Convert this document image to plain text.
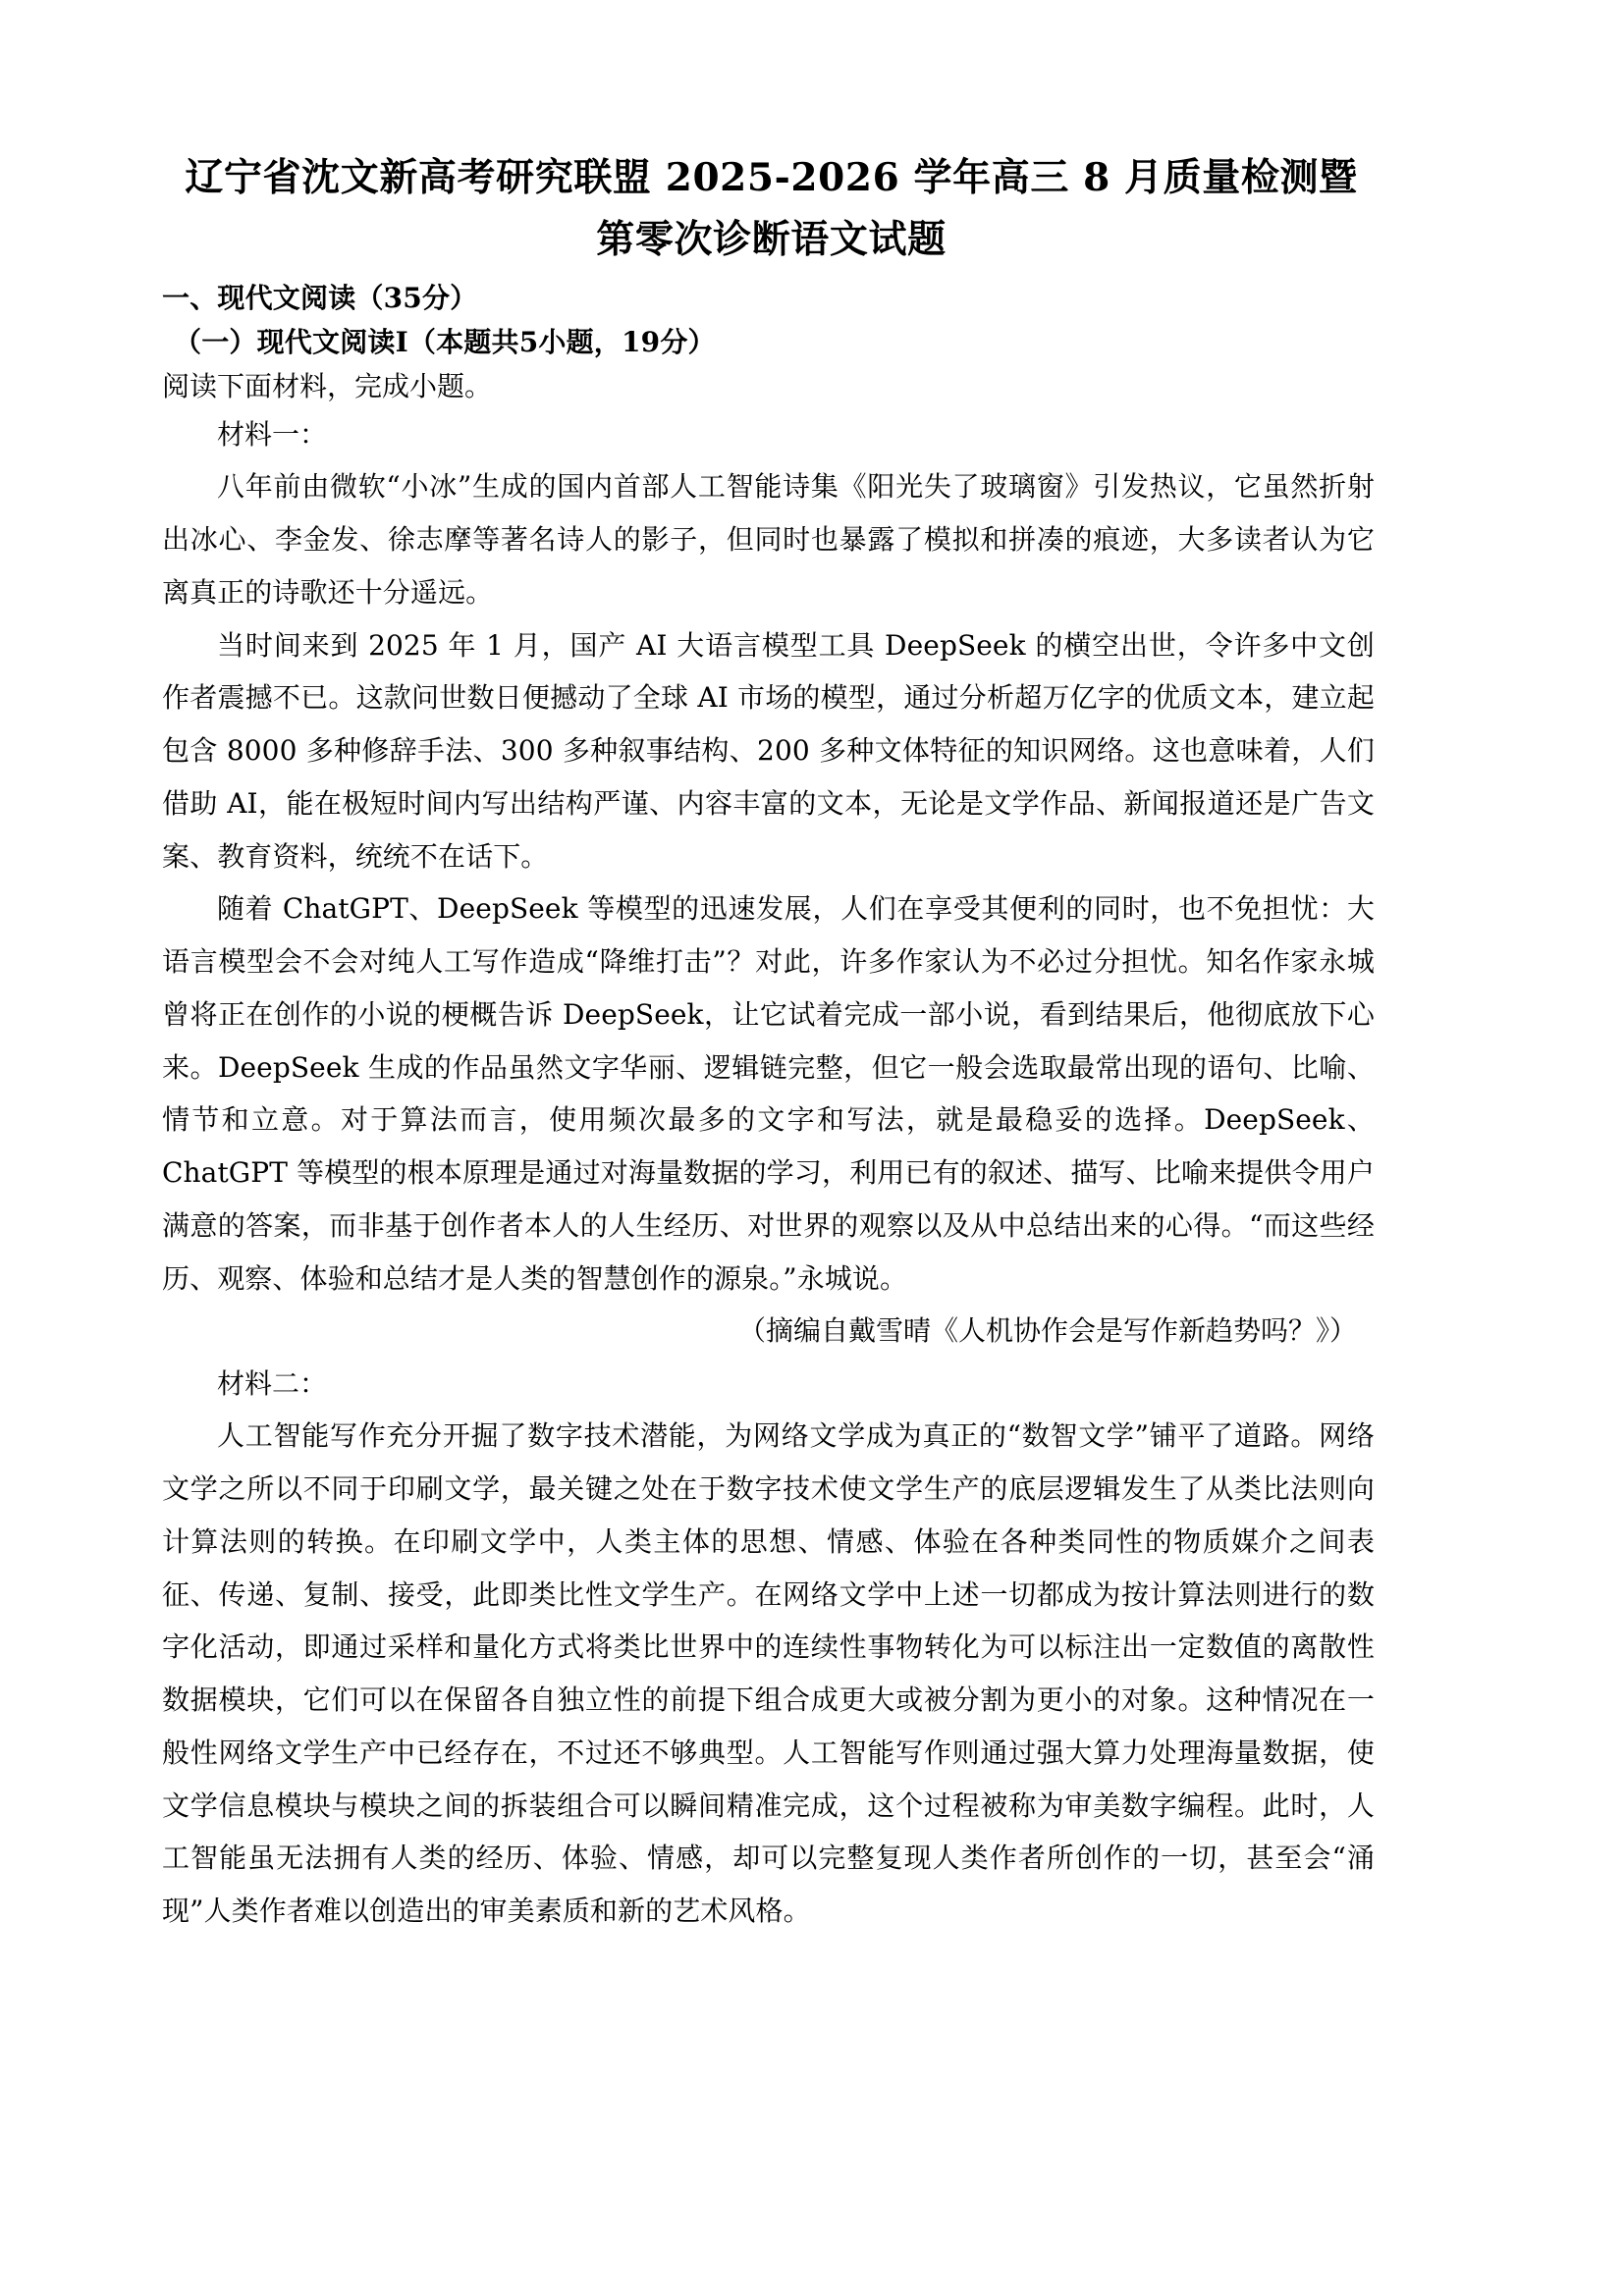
辽宁省沈文新高考研究联盟 2025-2026 学年高三 8 月质量检测暨第零次诊断语文试题
一、现代文阅读（35分）
（一）现代文阅读I（本题共5小题，19分）

阅读下面材料，完成小题。

材料一：

八年前由微软“小冰”生成的国内首部人工智能诗集《阳光失了玻璃窗》引发热议，它虽然折射出冰心、李金发、徐志摩等著名诗人的影子，但同时也暴露了模拟和拼凑的痕迹，大多读者认为它离真正的诗歌还十分遥远。

当时间来到 2025 年 1 月，国产 AI 大语言模型工具 DeepSeek 的横空出世，令许多中文创作者震撼不已。这款问世数日便撼动了全球 AI 市场的模型，通过分析超万亿字的优质文本，建立起包含 8000 多种修辞手法、300 多种叙事结构、200 多种文体特征的知识网络。这也意味着，人们借助 AI，能在极短时间内写出结构严谨、内容丰富的文本，无论是文学作品、新闻报道还是广告文案、教育资料，统统不在话下。

随着 ChatGPT、DeepSeek 等模型的迅速发展，人们在享受其便利的同时，也不免担忧：大语言模型会不会对纯人工写作造成“降维打击”？对此，许多作家认为不必过分担忧。知名作家永城曾将正在创作的小说的梗概告诉 DeepSeek，让它试着完成一部小说，看到结果后，他彻底放下心来。DeepSeek 生成的作品虽然文字华丽、逻辑链完整，但它一般会选取最常出现的语句、比喻、情节和立意。对于算法而言，使用频次最多的文字和写法，就是最稳妥的选择。DeepSeek、ChatGPT 等模型的根本原理是通过对海量数据的学习，利用已有的叙述、描写、比喻来提供令用户满意的答案，而非基于创作者本人的人生经历、对世界的观察以及从中总结出来的心得。“而这些经历、观察、体验和总结才是人类的智慧创作的源泉。”永城说。

（摘编自戴雪晴《人机协作会是写作新趋势吗？》）

材料二：

人工智能写作充分开掘了数字技术潜能，为网络文学成为真正的“数智文学”铺平了道路。网络文学之所以不同于印刷文学，最关键之处在于数字技术使文学生产的底层逻辑发生了从类比法则向计算法则的转换。在印刷文学中，人类主体的思想、情感、体验在各种类同性的物质媒介之间表征、传递、复制、接受，此即类比性文学生产。在网络文学中上述一切都成为按计算法则进行的数字化活动，即通过采样和量化方式将类比世界中的连续性事物转化为可以标注出一定数值的离散性数据模块，它们可以在保留各自独立性的前提下组合成更大或被分割为更小的对象。这种情况在一般性网络文学生产中已经存在，不过还不够典型。人工智能写作则通过强大算力处理海量数据，使文学信息模块与模块之间的拆装组合可以瞬间精准完成，这个过程被称为审美数字编程。此时，人工智能虽无法拥有人类的经历、体验、情感，却可以完整复现人类作者所创作的一切，甚至会“涌现”人类作者难以创造出的审美素质和新的艺术风格。
